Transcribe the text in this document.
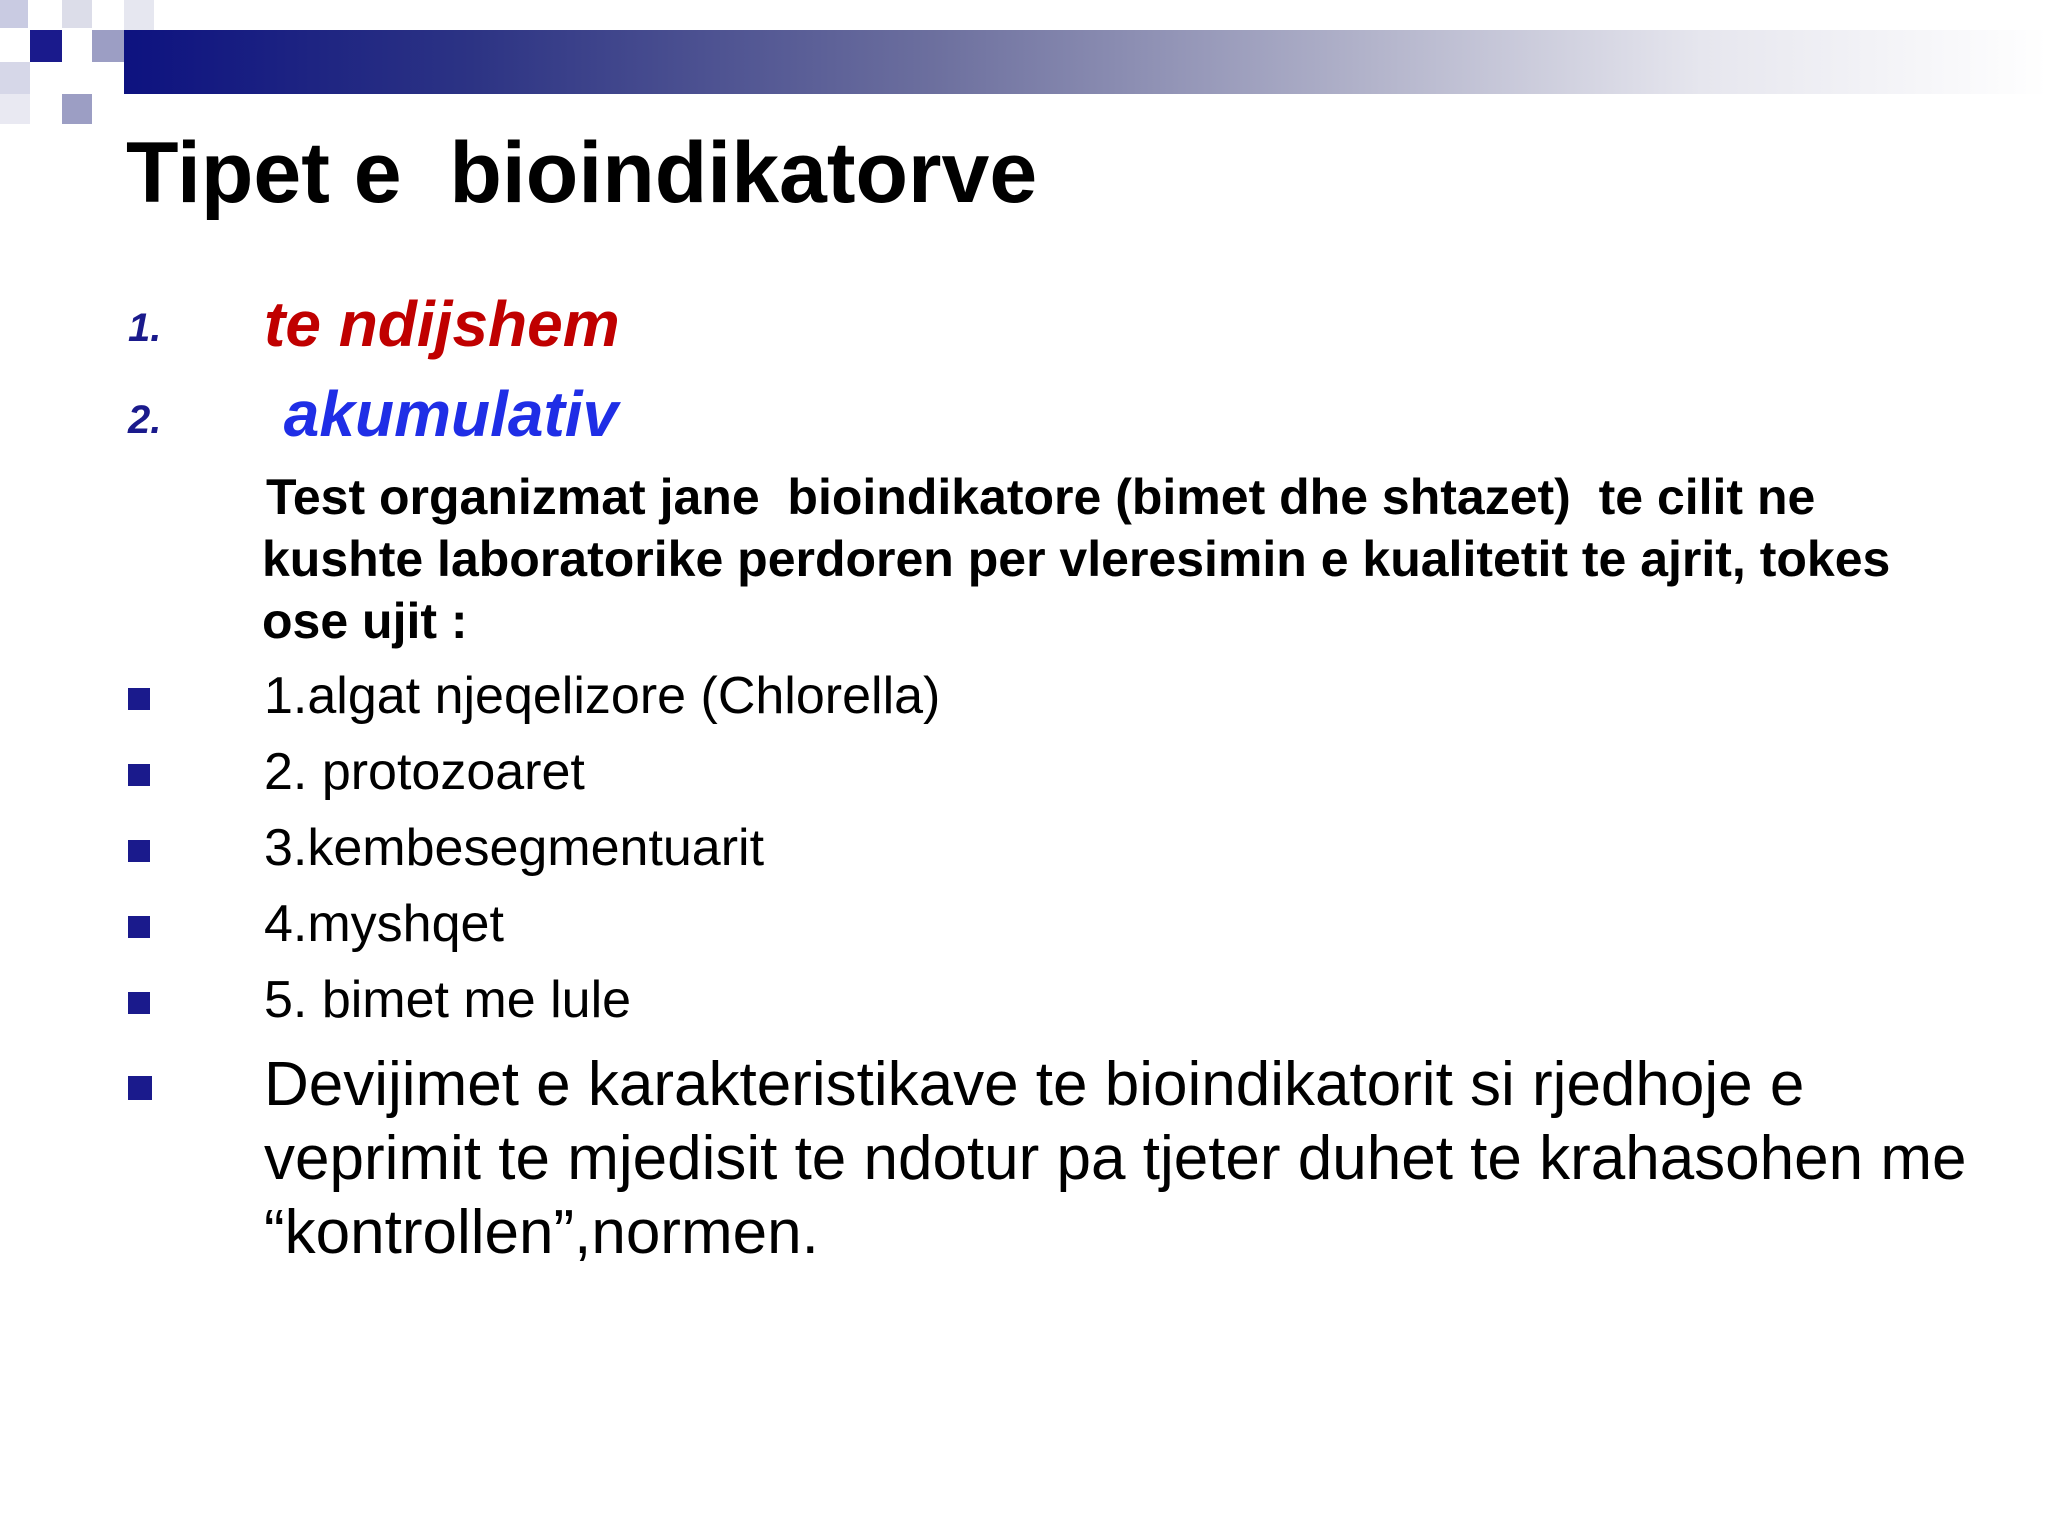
Tipet e  bioindikatorve
1. te ndijshem
2. akumulativ
Test organizmat jane  bioindikatore (bimet dhe shtazet)  te cilit ne kushte laboratorike perdoren per vleresimin e kualitetit te ajrit, tokes ose ujit :
1.algat njeqelizore (Chlorella)
2. protozoaret
3.kembesegmentuarit
4.myshqet
5. bimet me lule
Devijimet e karakteristikave te bioindikatorit si rjedhoje e veprimit te mjedisit te ndotur pa tjeter duhet te krahasohen me “kontrollen”,normen.
